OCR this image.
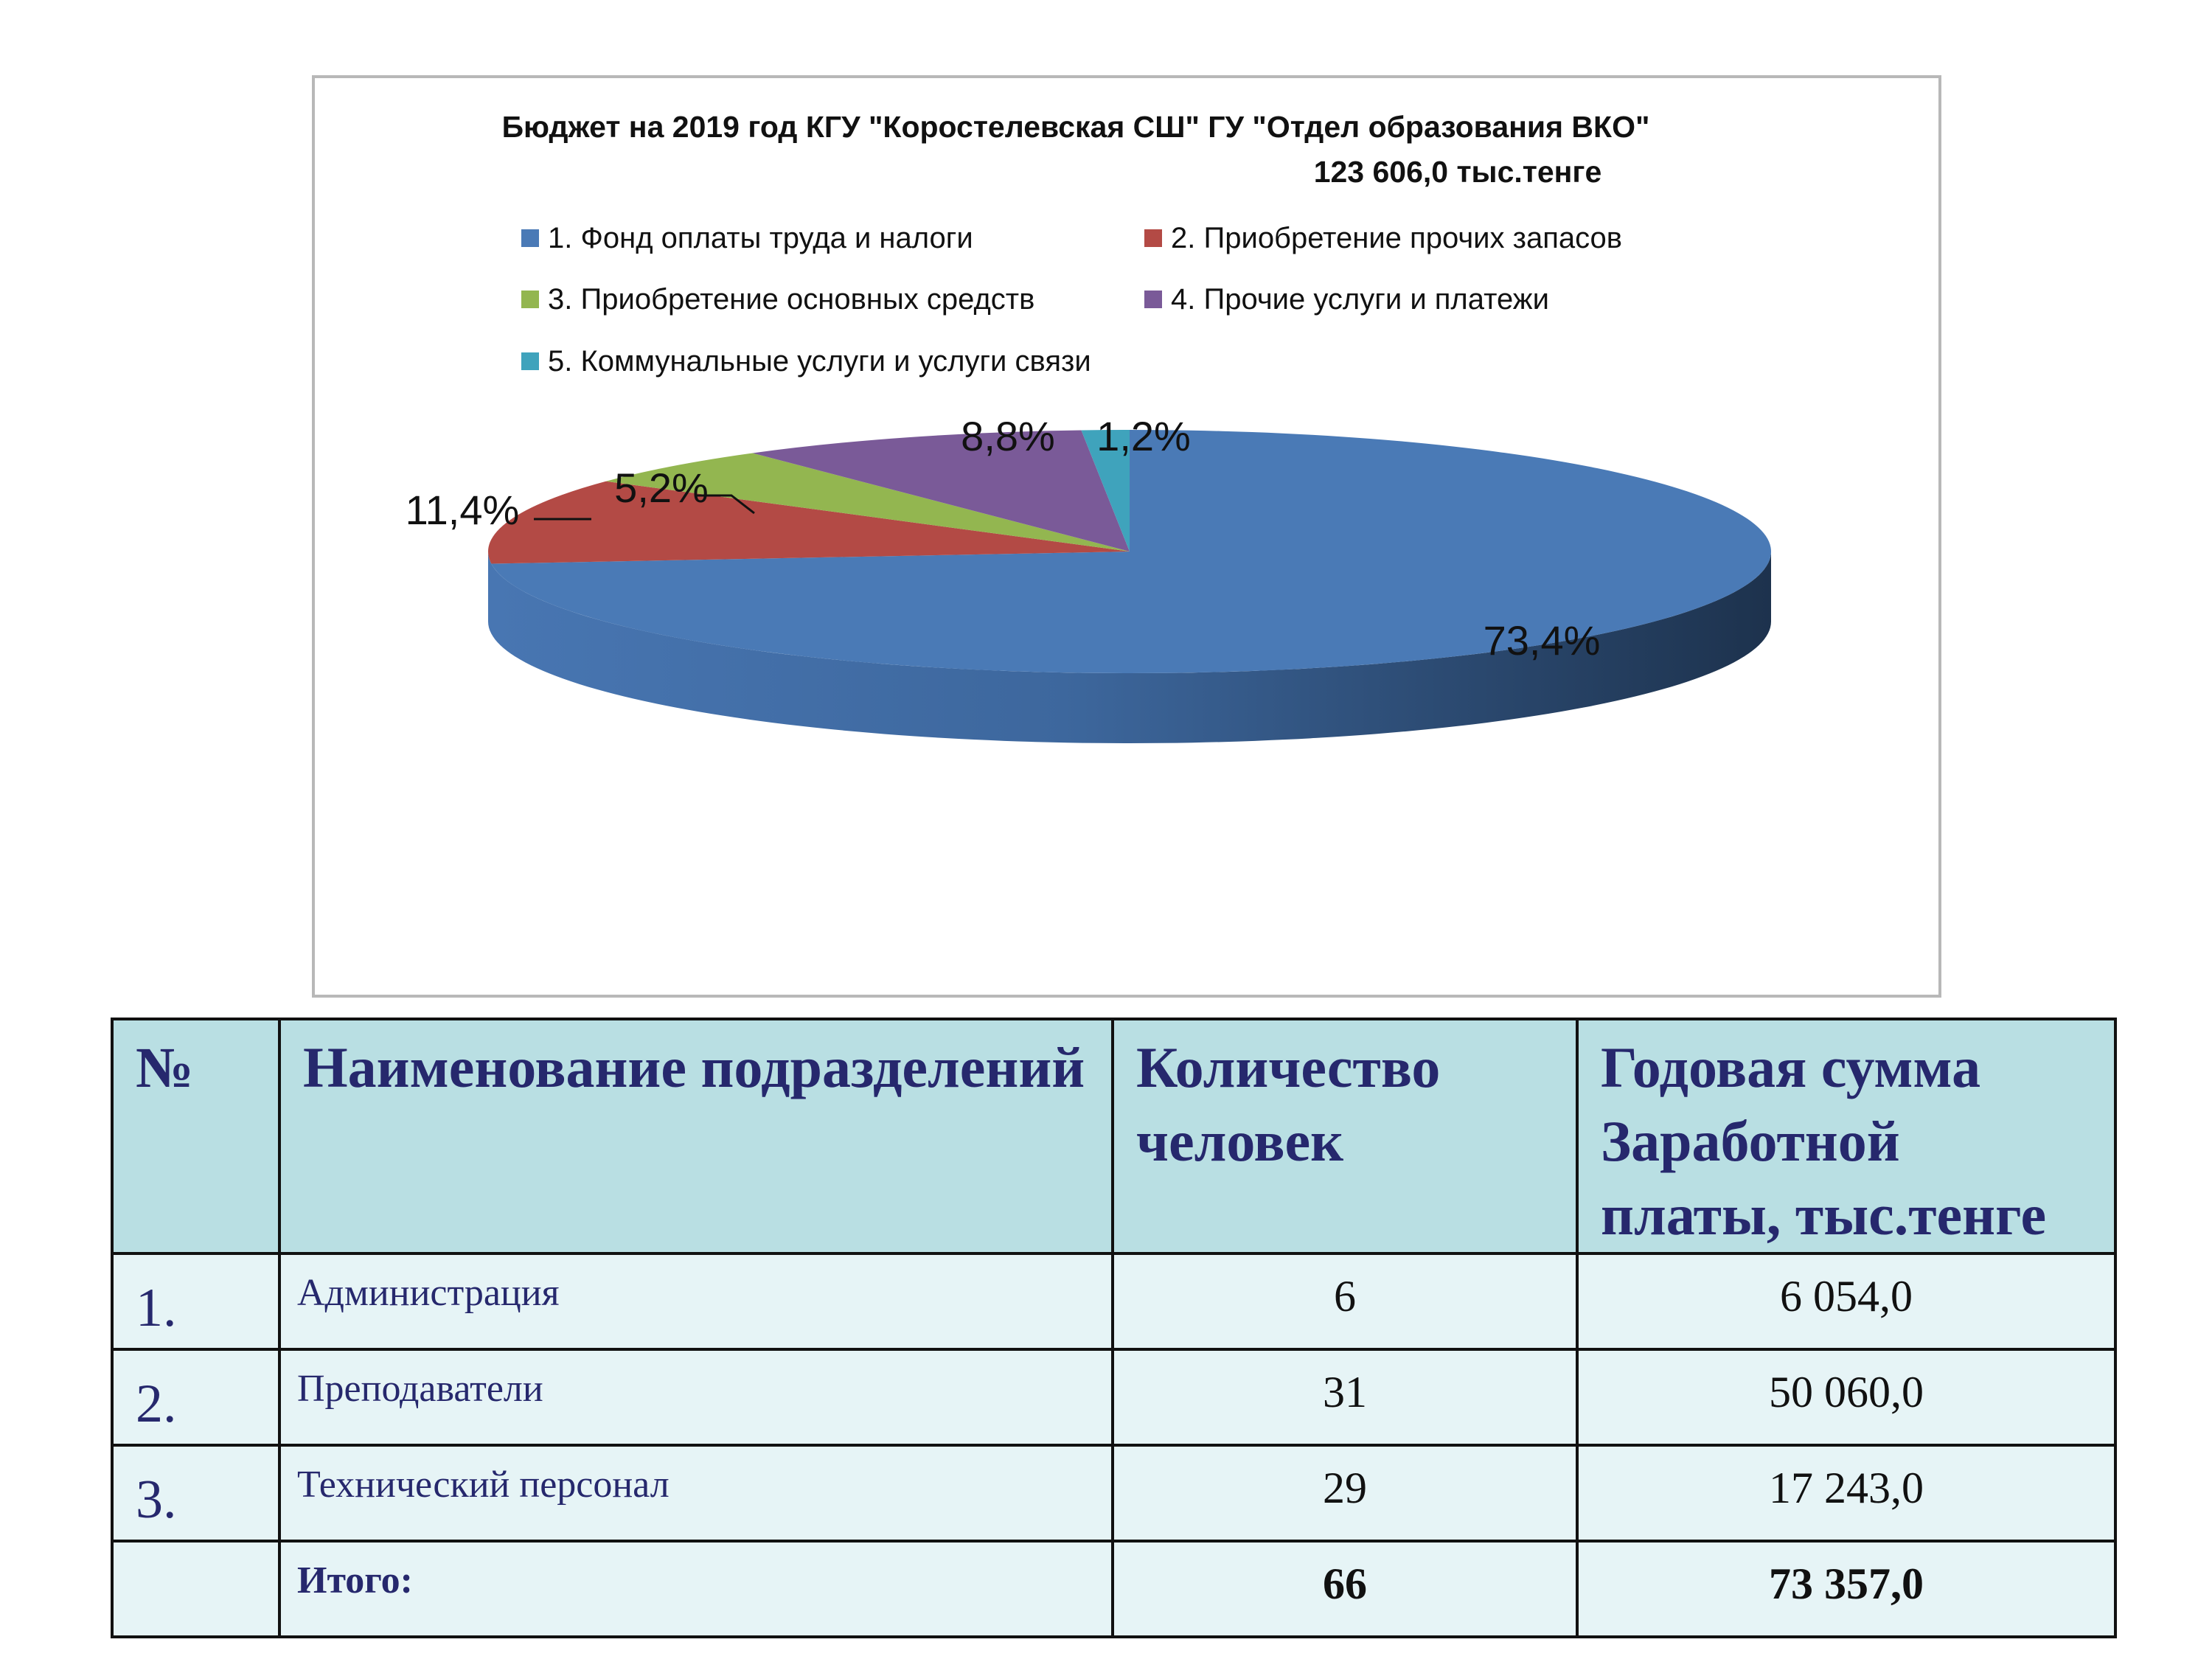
Бюджет на 2019 год КГУ "Коростелевская СШ" ГУ "Отдел образования ВКО"
123 606,0 тыс.тенге
1. Фонд оплаты труда и налоги	2. Приобретение прочих запасов
3. Приобретение основных средств	4. Прочие услуги и платежи
5. Коммунальные услуги и услуги связи
73,4%
11,4% 5,2%
8,8% 1,2%
№	Наименование подразделений	Количество человек	Годовая сумма Заработной платы, тыс.тенге
1.	Администрация	6	6 054,0
2.	Преподаватели	31	50 060,0
3.	Технический персонал	29	17 243,0
	Итого:	66	73 357,0
